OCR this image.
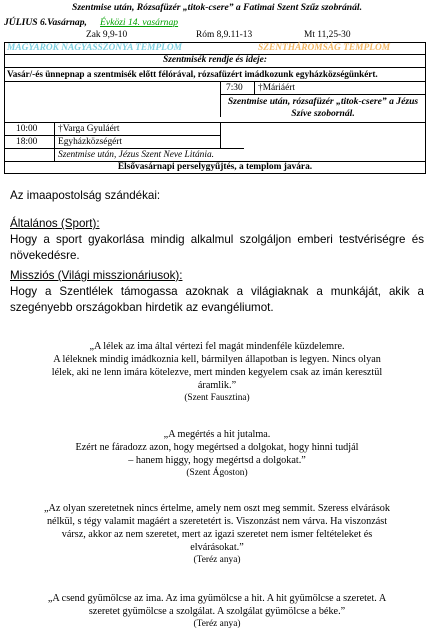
Szentmise után, Rózsafüzér „titok-csere” a Fatimai Szent Szűz szobránál.
JÚLIUS 6.Vasárnap, Évközi 14. vasárnap
Zak 9,9-10	Róm 8,9.11-13	Mt 11,25-30
MAGYAROK NAGYASSZONYA TEMPLOM	SZENTHÁROMSÁG TEMPLOM
Szentmisék rendje és ideje:
Vasár/-és ünnepnap a szentmisék előtt félórával, rózsafüzért imádkozunk egyházközségünkért.
7:30 †Máriáért
Szentmise után, rózsafüzér „titok-csere” a Jézus Szíve szobornál.
10:00 †Varga Gyuláért
18:00 Egyházközségért
Szentmise után, Jézus Szent Neve Litánia.
Elsővasárnapi perselygyűjtés, a templom javára.
Az imaapostolság szándékai:
Általános (Sport):
Hogy a sport gyakorlása mindig alkalmul szolgáljon emberi testvériségre és növekedésre.
Missziós (Világi misszionáriusok):
Hogy a Szentlélek támogassa azoknak a világiaknak a munkáját, akik a szegényebb országokban hirdetik az evangéliumot.
„A lélek az ima által vértezi fel magát mindenféle küzdelemre.
A léleknek mindig imádkoznia kell, bármilyen állapotban is legyen. Nincs olyan
lélek, aki ne lenn imára kötelezve, mert minden kegyelem csak az imán keresztül
áramlik.”
(Szent Fausztina)
„A megértés a hit jutalma.
Ezért ne fáradozz azon, hogy megértsed a dolgokat, hogy hinni tudjál
– hanem higgy, hogy megértsd a dolgokat.”
(Szent Ágoston)
„Az olyan szeretetnek nincs értelme, amely nem oszt meg semmit. Szeress elvárások
nélkül, s tégy valamit magáért a szeretetért is. Viszonzást nem várva. Ha viszonzást
vársz, akkor az nem szeretet, mert az igazi szeretet nem ismer feltételeket és
elvárásokat.”
(Teréz anya)
„A csend gyümölcse az ima. Az ima gyümölcse a hit. A hit gyümölcse a szeretet. A
szeretet gyümölcse a szolgálat. A szolgálat gyümölcse a béke.”
(Teréz anya)
